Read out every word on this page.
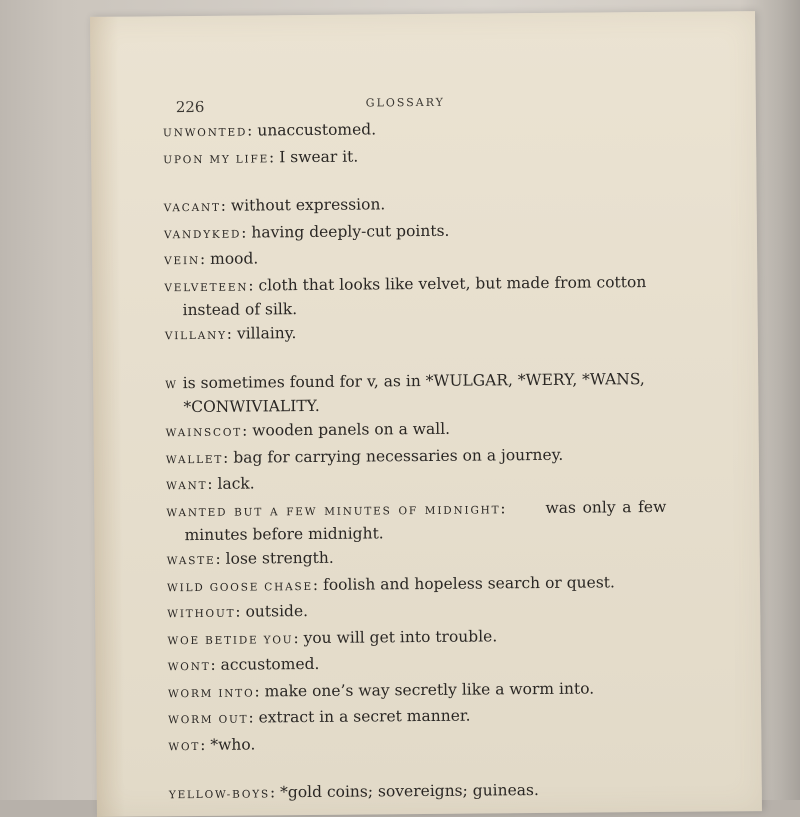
226	GLOSSARY
UNWONTED: unaccustomed.
UPON MY LIFE: I swear it.
VACANT: without expression.
VANDYKED: having deeply-cut points.
VEIN: mood.
VELVETEEN: cloth that looks like velvet, but made from cotton instead of silk.
VILLANY: villainy.
W is sometimes found for v, as in *WULGAR, *WERY, *WANS, *CONWIVIALITY.
WAINSCOT: wooden panels on a wall.
WALLET: bag for carrying necessaries on a journey.
WANT: lack.
WANTED BUT A FEW MINUTES OF MIDNIGHT:      was only a few minutes before midnight.
WASTE: lose strength.
WILD GOOSE CHASE: foolish and hopeless search or quest.
WITHOUT: outside.
WOE BETIDE YOU: you will get into trouble.
WONT: accustomed.
WORM INTO: make one’s way secretly like a worm into.
WORM OUT: extract in a secret manner.
WOT: *who.
YELLOW-BOYS: *gold coins; sovereigns; guineas.
